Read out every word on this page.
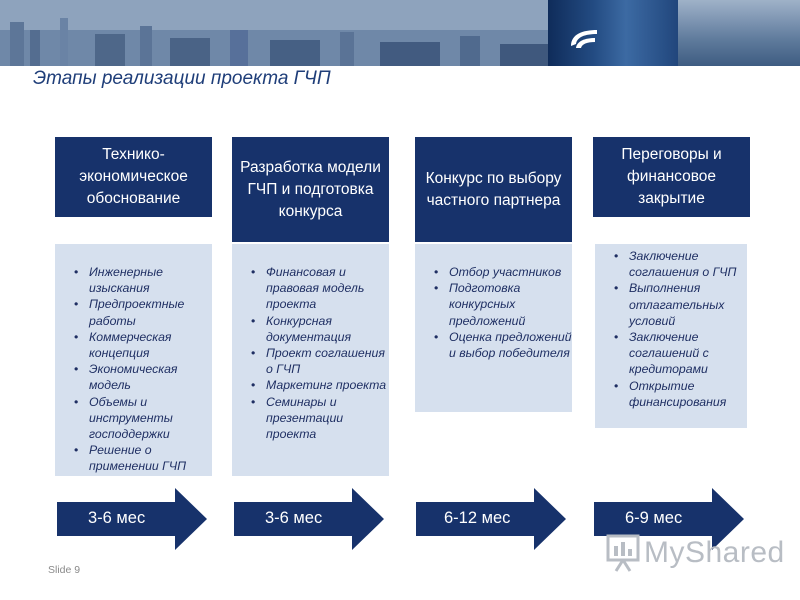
Этапы реализации проекта ГЧП
Технико-экономическое обоснование
• Инженерные изыскания
• Предпроектные работы
• Коммерческая концепция
• Экономическая модель
• Объемы и инструменты господдержки
• Решение о применении ГЧП
Разработка модели ГЧП и подготовка конкурса
• Финансовая и правовая модель проекта
• Конкурсная документация
• Проект соглашения о ГЧП
• Маркетинг проекта
• Семинары и презентации проекта
Конкурс по выбору частного партнера
• Отбор участников
• Подготовка конкурсных предложений
• Оценка предложений и выбор победителя
Переговоры и финансовое закрытие
• Заключение соглашения о ГЧП
• Выполнения отлагательных условий
• Заключение соглашений с кредиторами
• Открытие финансирования
3-6 мес	3-6 мес	6-12 мес	6-9 мес
Slide 9
MyShared
